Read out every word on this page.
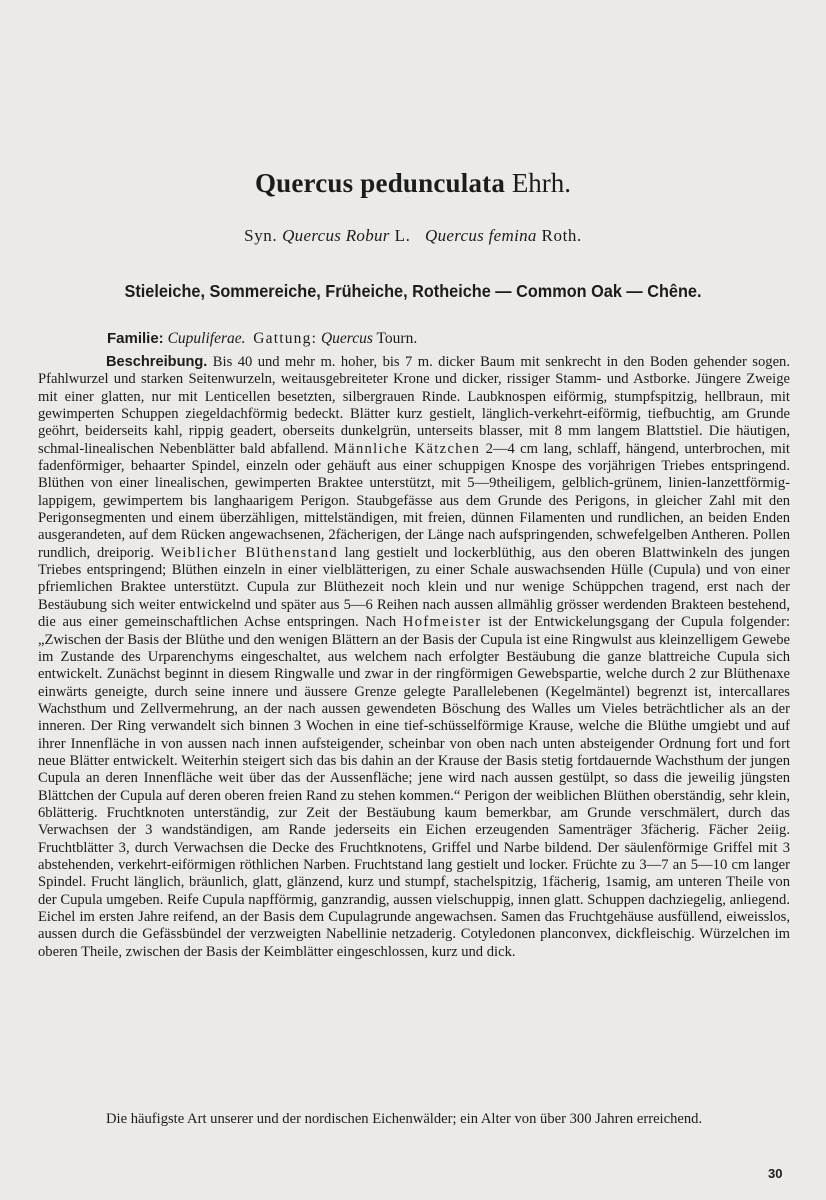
Quercus pedunculata Ehrh.
Syn. Quercus Robur L. Quercus femina Roth.
Stieleiche, Sommereiche, Früheiche, Rotheiche — Common Oak — Chêne.
Familie: Cupuliferae. Gattung: Quercus Tourn.

Beschreibung. Bis 40 und mehr m. hoher, bis 7 m. dicker Baum mit senkrecht in den Boden gehender sogen. Pfahlwurzel und starken Seitenwurzeln, weitausgebreiteter Krone und dicker, rissiger Stamm- und Astborke. Jüngere Zweige mit einer glatten, nur mit Lenticellen besetzten, silbergrauen Rinde. Laubknospen eiförmig, stumpfspitzig, hellbraun, mit gewimperten Schuppen ziegeldachförmig bedeckt. Blätter kurz gestielt, länglich-verkehrt-eiförmig, tiefbuchtig, am Grunde geöhrt, beiderseits kahl, rippig geadert, oberseits dunkelgrün, unterseits blasser, mit 8 mm langem Blattstiel. Die häutigen, schmal-linealischen Nebenblätter bald abfallend. Männliche Kätzchen 2—4 cm lang, schlaff, hängend, unterbrochen, mit fadenförmiger, behaarter Spindel, einzeln oder gehäuft aus einer schuppigen Knospe des vorjährigen Triebes entspringend. Blüthen von einer linealischen, gewimperten Braktee unterstützt, mit 5—9theiligem, gelblich-grünem, linien-lanzettförmig-lappigem, gewimpertem bis langhaarigem Perigon. Staubgefässe aus dem Grunde des Perigons, in gleicher Zahl mit den Perigonsegmenten und einem überzähligen, mittelständigen, mit freien, dünnen Filamenten und rundlichen, an beiden Enden ausgerandeten, auf dem Rücken angewachsenen, 2fächerigen, der Länge nach aufspringenden, schwefelgelben Antheren. Pollen rundlich, dreiporig. Weiblicher Blüthenstand lang gestielt und lockerblüthig, aus den oberen Blattwinkeln des jungen Triebes entspringend; Blüthen einzeln in einer vielblätterigen, zu einer Schale auswachsenden Hülle (Cupula) und von einer pfriemlichen Braktee unterstützt. Cupula zur Blüthezeit noch klein und nur wenige Schüppchen tragend, erst nach der Bestäubung sich weiter entwickelnd und später aus 5—6 Reihen nach aussen allmählig grösser werdenden Brakteen bestehend, die aus einer gemeinschaftlichen Achse entspringen. Nach Hofmeister ist der Entwickelungsgang der Cupula folgender: „Zwischen der Basis der Blüthe und den wenigen Blättern an der Basis der Cupula ist eine Ringwulst aus kleinzelligem Gewebe im Zustande des Urparenchyms eingeschaltet, aus welchem nach erfolgter Bestäubung die ganze blattreiche Cupula sich entwickelt. Zunächst beginnt in diesem Ringwalle und zwar in der ringförmigen Gewebspartie, welche durch 2 zur Blüthenaxe einwärts geneigte, durch seine innere und äussere Grenze gelegte Parallelebenen (Kegelmäntel) begrenzt ist, intercallares Wachsthum und Zellvermehrung, an der nach aussen gewendeten Böschung des Walles um Vieles beträchtlicher als an der inneren. Der Ring verwandelt sich binnen 3 Wochen in eine tief-schüsselförmige Krause, welche die Blüthe umgiebt und auf ihrer Innenfläche in von aussen nach innen aufsteigender, scheinbar von oben nach unten absteigender Ordnung fort und fort neue Blätter entwickelt. Weiterhin steigert sich das bis dahin an der Krause der Basis stetig fortdauernde Wachsthum der jungen Cupula an deren Innenfläche weit über das der Aussenfläche; jene wird nach aussen gestülpt, so dass die jeweilig jüngsten Blättchen der Cupula auf deren oberen freien Rand zu stehen kommen.“ Perigon der weiblichen Blüthen oberständig, sehr klein, 6blätterig. Fruchtknoten unterständig, zur Zeit der Bestäubung kaum bemerkbar, am Grunde verschmälert, durch das Verwachsen der 3 wandständigen, am Rande jederseits ein Eichen erzeugenden Samenträger 3fächerig. Fächer 2eiig. Fruchtblätter 3, durch Verwachsen die Decke des Fruchtknotens, Griffel und Narbe bildend. Der säulenförmige Griffel mit 3 abstehenden, verkehrt-eiförmigen röthlichen Narben. Fruchtstand lang gestielt und locker. Früchte zu 3—7 an 5—10 cm langer Spindel. Frucht länglich, bräunlich, glatt, glänzend, kurz und stumpf, stachelspitzig, 1fächerig, 1samig, am unteren Theile von der Cupula umgeben. Reife Cupula napfförmig, ganzrandig, aussen vielschuppig, innen glatt. Schuppen dachziegelig, anliegend. Eichel im ersten Jahre reifend, an der Basis dem Cupulagrunde angewachsen. Samen das Fruchtgehäuse ausfüllend, eiweisslos, aussen durch die Gefässbündel der verzweigten Nabellinie netzaderig. Cotyledonen planconvex, dickfleischig. Würzelchen im oberen Theile, zwischen der Basis der Keimblätter eingeschlossen, kurz und dick.

Die häufigste Art unserer und der nordischen Eichenwälder; ein Alter von über 300 Jahren erreichend.

30
